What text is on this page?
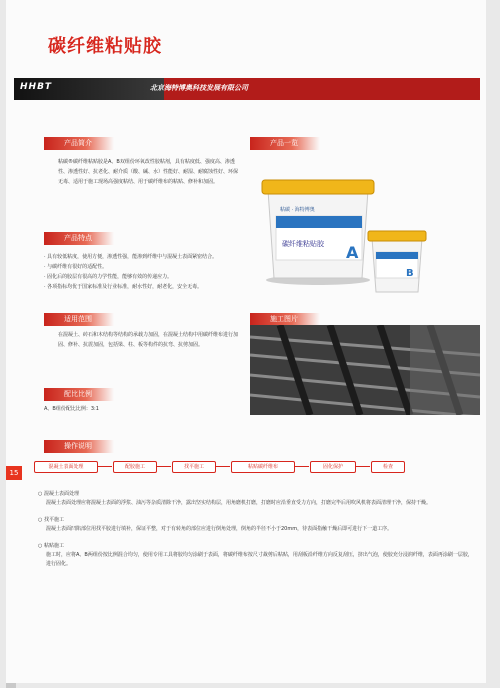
碳纤维粘贴胶
HHBT	北京海特博奥科技发展有限公司
产品简介
粘碳®碳纤维粘贴胶是A、B双组份环氧改性胶粘剂，具有粘度低、强度高、渗透性、渗透性好、抗老化、耐介质（酸、碱、水）性能好、耐湿、耐腐蚀性好、环保无毒、适用于施工现场高强度粘结、用于碳纤维布的粘贴、修补和加固。
产品一览
粘碳 · 海特博奥
碳纤维粘贴胶 A
B
产品特点
· 具有较低粘度，使用方便，渗透性强，能渗到纤维中与混凝土表面紧密结合。
· 与碳纤维有很好的适配性。
· 固化后的胶层有很高的力学性能，能够有效的传递应力。
· 各项指标均优于国家标准及行业标准，耐水性好，耐老化，安全无毒。
适用范围
在混凝土、砖石和木结构等结构的承载力加固，在混凝土结构中用碳纤维布进行加固、修补、抗震加固，包括梁、柱、板等构件的抗弯、抗剪加固。
施工图片
配比比例
A、B组份配比比例：3:1
操作说明
15
混凝土表面处理	配胶施工	找平施工	粘贴碳纤维布	固化保护	检查
○ 混凝土表面处理
混凝土表面处理应将混凝土表面的浮浆、油污等杂质清除干净，露出坚实结构层，用角磨机打磨，打磨时应沿垂直受力方向，打磨完毕后用吹风机将表面清理干净，保持干燥。
○ 找平施工
混凝土表面凹陷部位用找平胶进行填补，保证平整，对于有转角的部位应进行倒角处理，倒角的半径不小于20mm，待表面指触干燥后即可进行下一道工序。
○ 粘贴施工
施工时，应将A、B两组份按比例混合均匀，使用专用工具将胶均匀涂刷于表面，将碳纤维布按尺寸裁剪后粘贴，用刮板沿纤维方向反复刮压，挤出气泡，使胶充分浸润纤维，表面再涂刷一层胶，进行固化。
